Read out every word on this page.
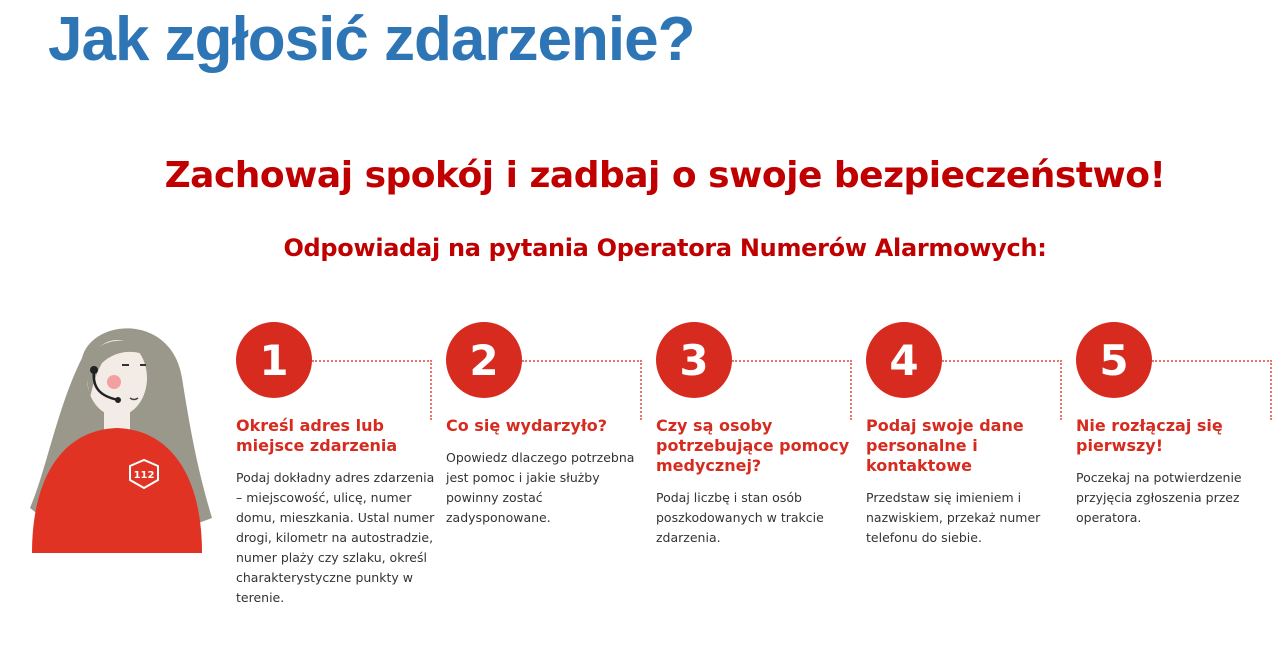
Jak zgłosić zdarzenie?
Zachowaj spokój i zadbaj o swoje bezpieczeństwo!
Odpowiadaj na pytania Operatora Numerów Alarmowych:
112
1
Określ adres lub miejsce zdarzenia
Podaj dokładny adres zdarzenia – miejscowość, ulicę, numer domu, mieszkania. Ustal numer drogi, kilometr na autostradzie, numer plaży czy szlaku, określ charakterystyczne punkty w terenie.
2
Co się wydarzyło?
Opowiedz dlaczego potrzebna jest pomoc i jakie służby powinny zostać zadysponowane.
3
Czy są osoby potrzebujące pomocy medycznej?
Podaj liczbę i stan osób poszkodowanych w trakcie zdarzenia.
4
Podaj swoje dane personalne i kontaktowe
Przedstaw się imieniem i nazwiskiem, przekaż numer telefonu do siebie.
5
Nie rozłączaj się pierwszy!
Poczekaj na potwierdzenie przyjęcia zgłoszenia przez operatora.
